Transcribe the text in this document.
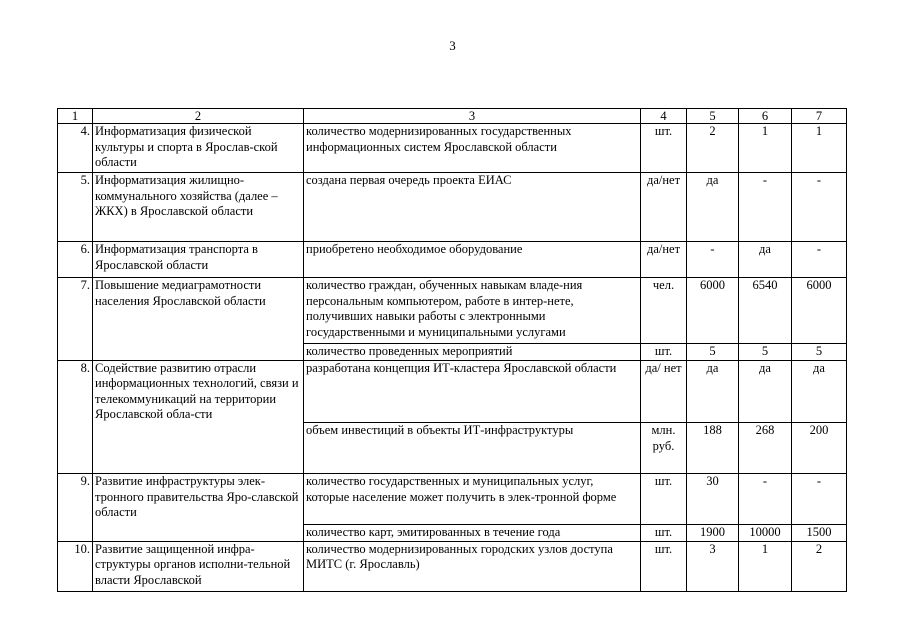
3
1	2	3	4	5	6	7
4.	Информатизация физической культуры и спорта в Ярослав-ской области	количество модернизированных государственных информационных систем Ярославской области	шт.	2	1	1
5.	Информатизация жилищно-коммунального хозяйства (далее – ЖКХ) в Ярославской области	создана первая очередь проекта ЕИАС	да/нет	да	-	-
6.	Информатизация транспорта в Ярославской области	приобретено необходимое оборудование	да/нет	-	да	-
7.	Повышение медиаграмотности населения Ярославской области	количество граждан, обученных навыкам владе-ния персональным компьютером, работе в интер-нете, получивших навыки работы с электронными государственными и муниципальными услугами	чел.	6000	6540	6000
		количество проведенных мероприятий	шт.	5	5	5
8.	Содействие развитию отрасли информационных технологий, связи и телекоммуникаций на территории Ярославской обла-сти	разработана концепция ИТ-кластера Ярославской области	да/ нет	да	да	да
		объем инвестиций в объекты ИТ-инфраструктуры	млн. руб.	188	268	200
9.	Развитие инфраструктуры элек-тронного правительства Яро-славской области	количество государственных и муниципальных услуг, которые население может получить в элек-тронной форме	шт.	30	-	-
		количество карт, эмитированных в течение года	шт.	1900	10000	1500
10.	Развитие защищенной инфра-структуры органов исполни-тельной власти Ярославской	количество модернизированных городских узлов доступа МИТС (г. Ярославль)	шт.	3	1	2
